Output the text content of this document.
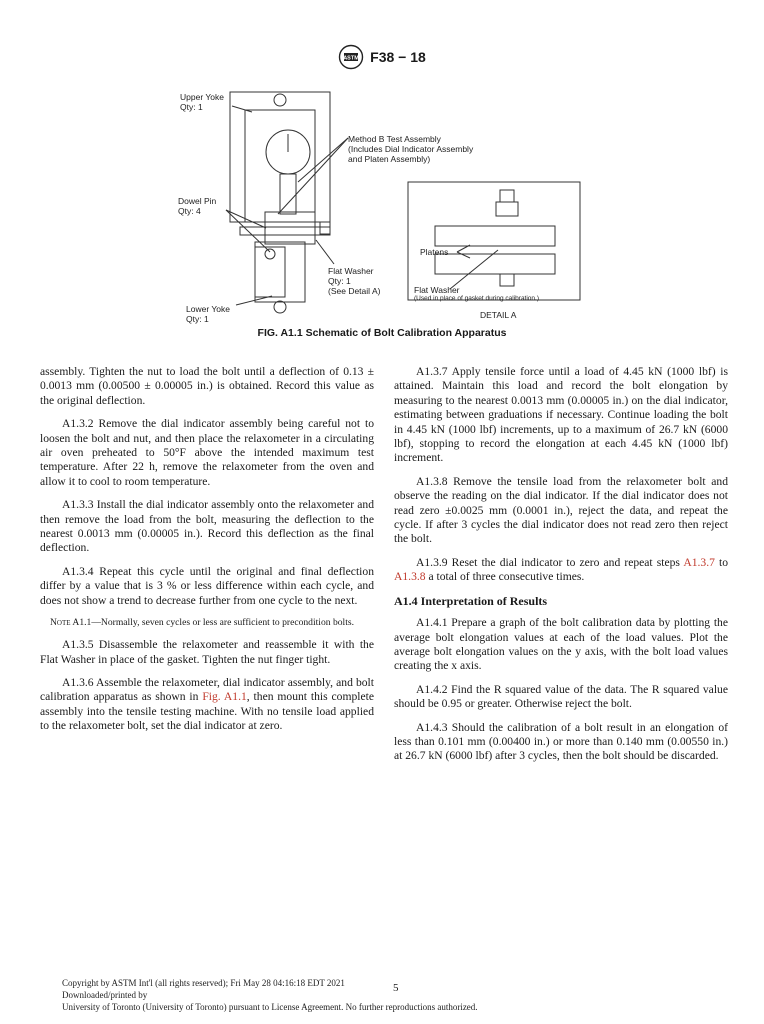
ASTM F38 − 18
Upper Yoke
Qty: 1
Method B Test Assembly
(Includes Dial Indicator Assembly
and Platen Assembly)
Dowel Pin
Qty: 4
Flat Washer
Qty: 1
(See Detail A)
Lower Yoke
Qty: 1
Platens
Flat Washer
(Used in place of gasket during calibration.)
DETAIL A
FIG. A1.1 Schematic of Bolt Calibration Apparatus

assembly. Tighten the nut to load the bolt until a deflection of 0.13 ± 0.0013 mm (0.00500 ± 0.00005 in.) is obtained. Record this value as the original deflection.

A1.3.2 Remove the dial indicator assembly being careful not to loosen the bolt and nut, and then place the relaxometer in a circulating air oven preheated to 50°F above the intended maximum test temperature. After 22 h, remove the relaxometer from the oven and allow it to cool to room temperature.

A1.3.3 Install the dial indicator assembly onto the relaxometer and then remove the load from the bolt, measuring the deflection to the nearest 0.0013 mm (0.00005 in.). Record this deflection as the final deflection.

A1.3.4 Repeat this cycle until the original and final deflection differ by a value that is 3 % or less difference within each cycle, and does not show a trend to decrease further from one cycle to the next.

Note A1.1—Normally, seven cycles or less are sufficient to precondition bolts.

A1.3.5 Disassemble the relaxometer and reassemble it with the Flat Washer in place of the gasket. Tighten the nut finger tight.

A1.3.6 Assemble the relaxometer, dial indicator assembly, and bolt calibration apparatus as shown in Fig. A1.1, then mount this complete assembly into the tensile testing machine. With no tensile load applied to the relaxometer bolt, set the dial indicator at zero.

A1.3.7 Apply tensile force until a load of 4.45 kN (1000 lbf) is attained. Maintain this load and record the bolt elongation by measuring to the nearest 0.0013 mm (0.00005 in.) on the dial indicator, estimating between graduations if necessary. Continue loading the bolt in 4.45 kN (1000 lbf) increments, up to a maximum of 26.7 kN (6000 lbf), stopping to record the elongation at each 4.45 kN (1000 lbf) increment.

A1.3.8 Remove the tensile load from the relaxometer bolt and observe the reading on the dial indicator. If the dial indicator does not read zero ±0.0025 mm (0.0001 in.), reject the data, and repeat the cycle. If after 3 cycles the dial indicator does not read zero then reject the bolt.

A1.3.9 Reset the dial indicator to zero and repeat steps A1.3.7 to A1.3.8 a total of three consecutive times.

A1.4 Interpretation of Results

A1.4.1 Prepare a graph of the bolt calibration data by plotting the average bolt elongation values at each of the load values. Plot the average bolt elongation values on the y axis, with the bolt load values creating the x axis.

A1.4.2 Find the R squared value of the data. The R squared value should be 0.95 or greater. Otherwise reject the bolt.

A1.4.3 Should the calibration of a bolt result in an elongation of less than 0.101 mm (0.00400 in.) or more than 0.140 mm (0.00550 in.) at 26.7 kN (6000 lbf) after 3 cycles, then the bolt should be discarded.

Copyright by ASTM Int'l (all rights reserved); Fri May 28 04:16:18 EDT 2021
Downloaded/printed by
University of Toronto (University of Toronto) pursuant to License Agreement. No further reproductions authorized.
5
